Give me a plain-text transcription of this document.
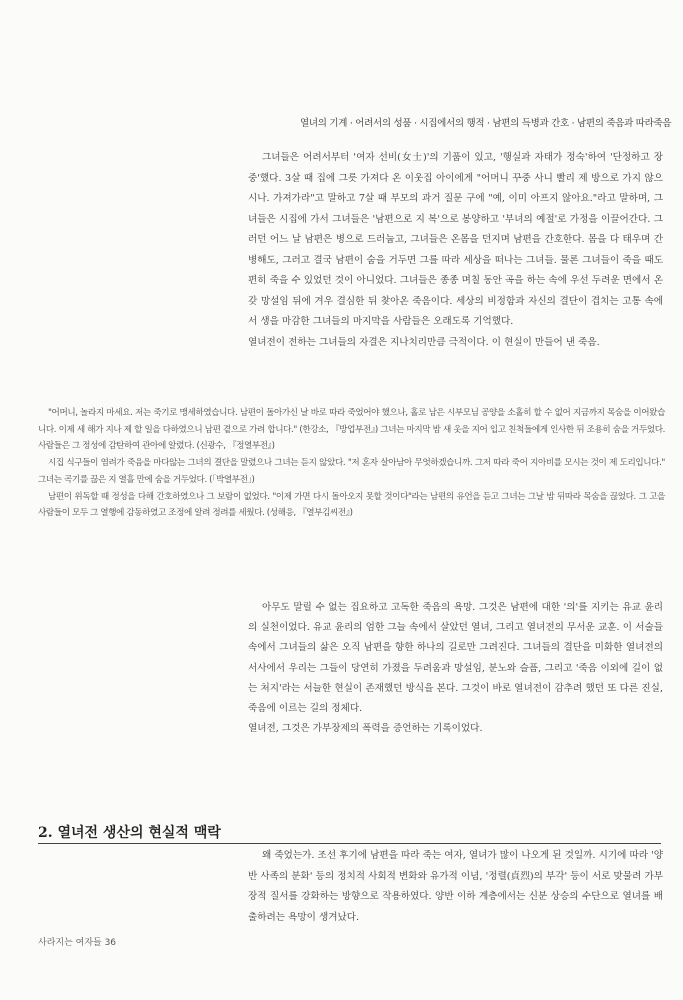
열녀의 기계 · 어려서의 성품 · 시집에서의 행적 · 남편의 득병과 간호 · 남편의 죽음과 따라죽음
그녀들은 어려서부터 '여자 선비(女士)'의 기품이 있고, '행실과 자태가 정숙'하여 '단정하고 장중'했다. 3살 때 집에 그릇 가져다 온 이웃집 아이에게 "어머니 꾸중 사니 빨리 제 방으로 가지 않으시나. 가져가라"고 말하고 7살 때 부모의 과거 질문 구에 "예, 이미 아프지 않아요."라고 말하며, 그녀들은 시집에 가서 그녀들은 '남편으로 지 복'으로 봉양하고 '부녀의 예절'로 가정을 이끌어간다. 그러던 어느 날 남편은 병으로 드러눕고, 그녀들은 온몸을 던지며 남편을 간호한다. 몸을 다 태우며 간병해도, 그러고 결국 남편이 숨을 거두면 그를 따라 세상을 떠나는 그녀들. 물론 그녀들이 죽을 때도 편히 죽을 수 있었던 것이 아니었다. 그녀들은 종종 며칠 동안 곡을 하는 속에 우선 두려운 면에서 온갖 망설임 뒤에 겨우 결심한 뒤 찾아온 죽음이다. 세상의 비정함과 자신의 결단이 겹치는 고통 속에서 생을 마감한 그녀들의 마지막을 사람들은 오래도록 기억했다.
열녀전이 전하는 그녀들의 자결은 지나치리만큼 극적이다. 이 현실이 만들어 낸 죽음.

"어머니, 놀라지 마세요. 저는 죽기로 맹세하였습니다. 남편이 돌아가신 날 바로 따라 죽었어야 했으나, 홀로 남은 시부모님 공양을 소홀히 할 수 없어 지금까지 목숨을 이어왔습니다. 이제 세 해가 지나 제 할 일을 다하였으니 남편 곁으로 가려 합니다." (한강소, 『방업부전』) 그녀는 마지막 밤 새 옷을 지어 입고 친척들에게 인사한 뒤 조용히 숨을 거두었다. 사람들은 그 정성에 감탄하여 관아에 알렸다. (신광수, 『정열부전』)

시집 식구들이 염려가 죽음을 마다않는 그녀의 결단을 말렸으나 그녀는 듣지 않았다. "저 혼자 살아남아 무엇하겠습니까. 그저 따라 죽어 지아비를 모시는 것이 제 도리입니다." 그녀는 곡기를 끊은 지 열흘 만에 숨을 거두었다. (「박열부전」)

남편이 위독할 때 정성을 다해 간호하였으나 그 보람이 없었다. "이제 가면 다시 돌아오지 못할 것이다"라는 남편의 유언을 듣고 그녀는 그날 밤 뒤따라 목숨을 끊었다. 그 고을 사람들이 모두 그 열행에 감동하였고 조정에 알려 정려를 세웠다. (성해응, 『열부김씨전』)

아무도 말릴 수 없는 집요하고 고독한 죽음의 욕망. 그것은 남편에 대한 '의'를 지키는 유교 윤리의 실천이었다. 유교 윤리의 엄한 그늘 속에서 살았던 열녀, 그리고 열녀전의 무서운 교훈. 이 서술들 속에서 그녀들의 삶은 오직 남편을 향한 하나의 길로만 그려진다. 그녀들의 결단을 미화한 열녀전의 서사에서 우리는 그들이 당연히 가졌을 두려움과 망설임, 분노와 슬픔, 그리고 '죽음 이외에 길이 없는 처지'라는 서늘한 현실이 존재했던 방식을 본다. 그것이 바로 열녀전이 감추려 했던 또 다른 진실, 죽음에 이르는 길의 정체다.
열녀전, 그것은 가부장제의 폭력을 증언하는 기록이었다.
2. 열녀전 생산의 현실적 맥락
왜 죽었는가. 조선 후기에 남편을 따라 죽는 여자, 열녀가 많이 나오게 된 것일까. 시기에 따라 '양반 사족의 분화' 등의 정치적 사회적 변화와 유가적 이념, '정렬(貞烈)의 부각' 등이 서로 맞물려 가부장적 질서를 강화하는 방향으로 작용하였다. 양반 이하 계층에서는 신분 상승의 수단으로 열녀를 배출하려는 욕망이 생겨났다.
사라지는 여자들 36
